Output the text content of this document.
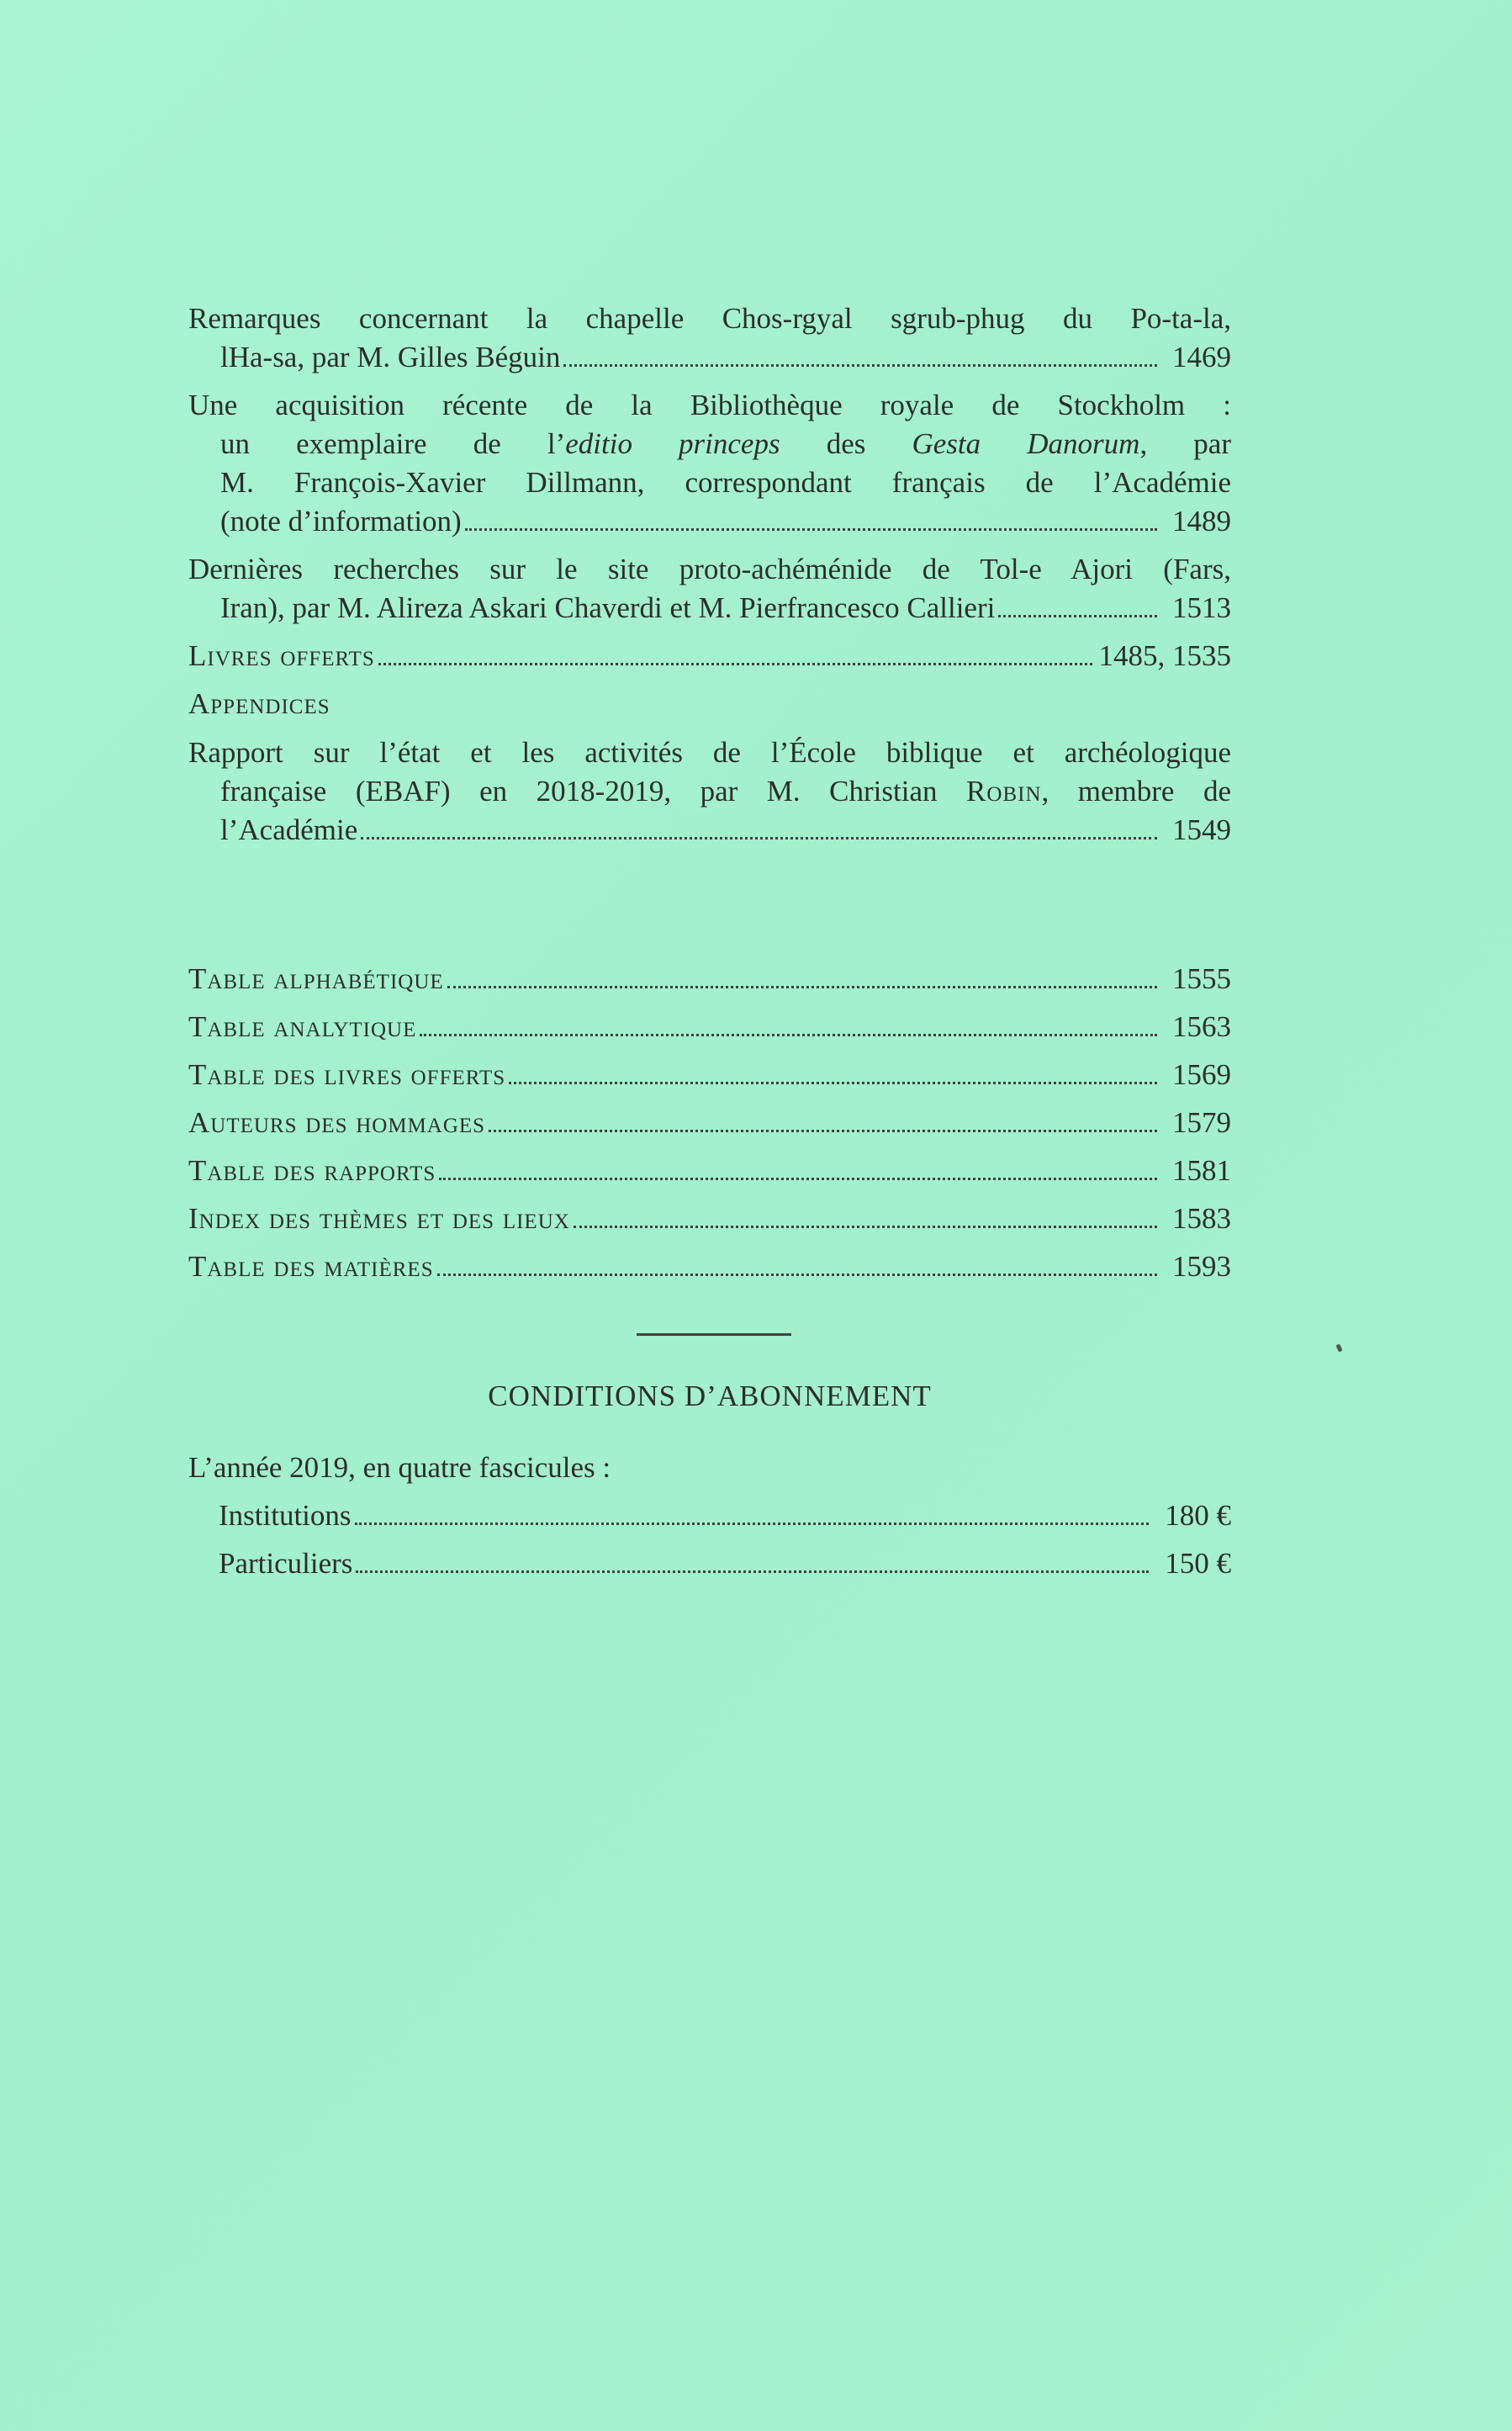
Remarques concernant la chapelle Chos-rgyal sgrub-phug du Po-ta-la,
lHa-sa, par M. Gilles Béguin	1469
Une acquisition récente de la Bibliothèque royale de Stockholm :
un exemplaire de l’editio princeps des Gesta Danorum, par
M. François-Xavier Dillmann, correspondant français de l’Académie
(note d’information)	1489
Dernières recherches sur le site proto-achéménide de Tol-e Ajori (Fars,
Iran), par M. Alireza Askari Chaverdi et M. Pierfrancesco Callieri	1513
Livres offerts	1485, 1535
Appendices
Rapport sur l’état et les activités de l’École biblique et archéologique
française (EBAF) en 2018-2019, par M. Christian Robin, membre de
l’Académie	1549
Table alphabétique	1555
Table analytique	1563
Table des livres offerts	1569
Auteurs des hommages	1579
Table des rapports	1581
Index des thèmes et des lieux	1583
Table des matières	1593
CONDITIONS D’ABONNEMENT
L’année 2019, en quatre fascicules :
Institutions	180 €
Particuliers	150 €
